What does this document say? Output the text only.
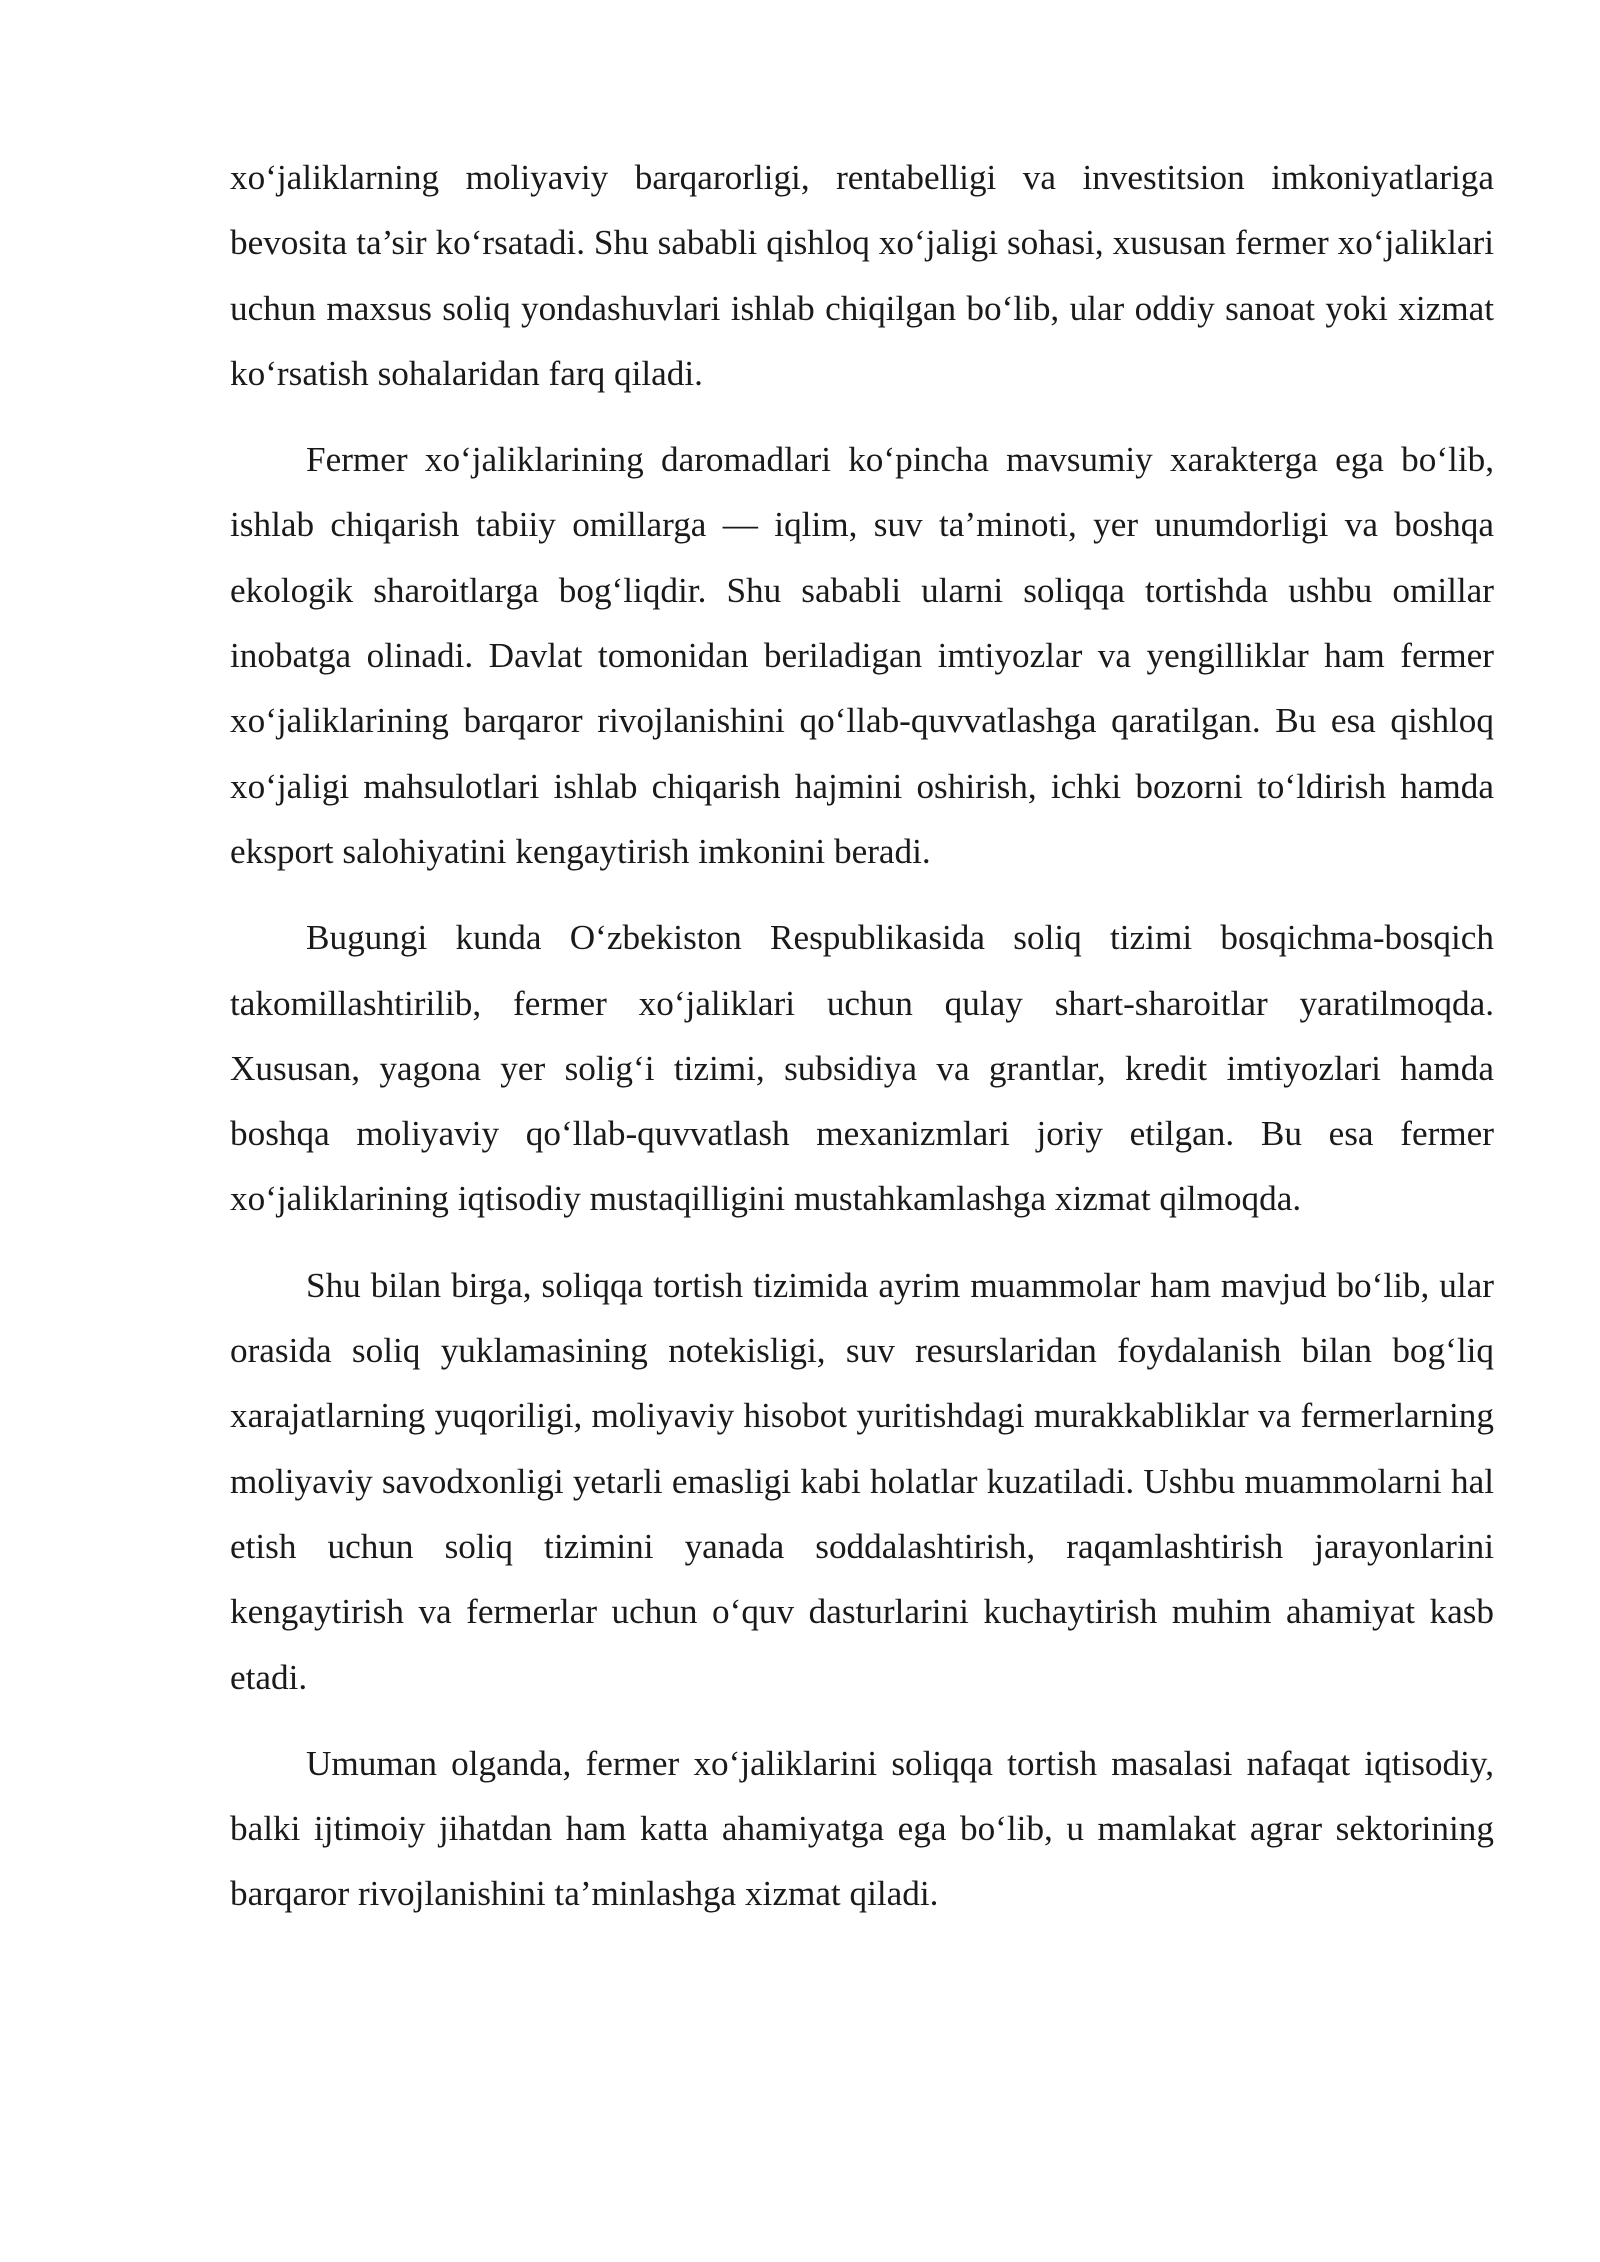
xo‘jaliklarning moliyaviy barqarorligi, rentabelligi va investitsion imkoniyatlariga bevosita ta’sir ko‘rsatadi. Shu sababli qishloq xo‘jaligi sohasi, xususan fermer xo‘jaliklari uchun maxsus soliq yondashuvlari ishlab chiqilgan bo‘lib, ular oddiy sanoat yoki xizmat ko‘rsatish sohalaridan farq qiladi.

Fermer xo‘jaliklarining daromadlari ko‘pincha mavsumiy xarakterga ega bo‘lib, ishlab chiqarish tabiiy omillarga — iqlim, suv ta’minoti, yer unumdorligi va boshqa ekologik sharoitlarga bog‘liqdir. Shu sababli ularni soliqqa tortishda ushbu omillar inobatga olinadi. Davlat tomonidan beriladigan imtiyozlar va yengilliklar ham fermer xo‘jaliklarining barqaror rivojlanishini qo‘llab-quvvatlashga qaratilgan. Bu esa qishloq xo‘jaligi mahsulotlari ishlab chiqarish hajmini oshirish, ichki bozorni to‘ldirish hamda eksport salohiyatini kengaytirish imkonini beradi.

Bugungi kunda O‘zbekiston Respublikasida soliq tizimi bosqichma-bosqich takomillashtirilib, fermer xo‘jaliklari uchun qulay shart-sharoitlar yaratilmoqda. Xususan, yagona yer solig‘i tizimi, subsidiya va grantlar, kredit imtiyozlari hamda boshqa moliyaviy qo‘llab-quvvatlash mexanizmlari joriy etilgan. Bu esa fermer xo‘jaliklarining iqtisodiy mustaqilligini mustahkamlashga xizmat qilmoqda.

Shu bilan birga, soliqqa tortish tizimida ayrim muammolar ham mavjud bo‘lib, ular orasida soliq yuklamasining notekisligi, suv resurslaridan foydalanish bilan bog‘liq xarajatlarning yuqoriligi, moliyaviy hisobot yuritishdagi murakkabliklar va fermerlarning moliyaviy savodxonligi yetarli emasligi kabi holatlar kuzatiladi. Ushbu muammolarni hal etish uchun soliq tizimini yanada soddalashtirish, raqamlashtirish jarayonlarini kengaytirish va fermerlar uchun o‘quv dasturlarini kuchaytirish muhim ahamiyat kasb etadi.

Umuman olganda, fermer xo‘jaliklarini soliqqa tortish masalasi nafaqat iqtisodiy, balki ijtimoiy jihatdan ham katta ahamiyatga ega bo‘lib, u mamlakat agrar sektorining barqaror rivojlanishini ta’minlashga xizmat qiladi.
